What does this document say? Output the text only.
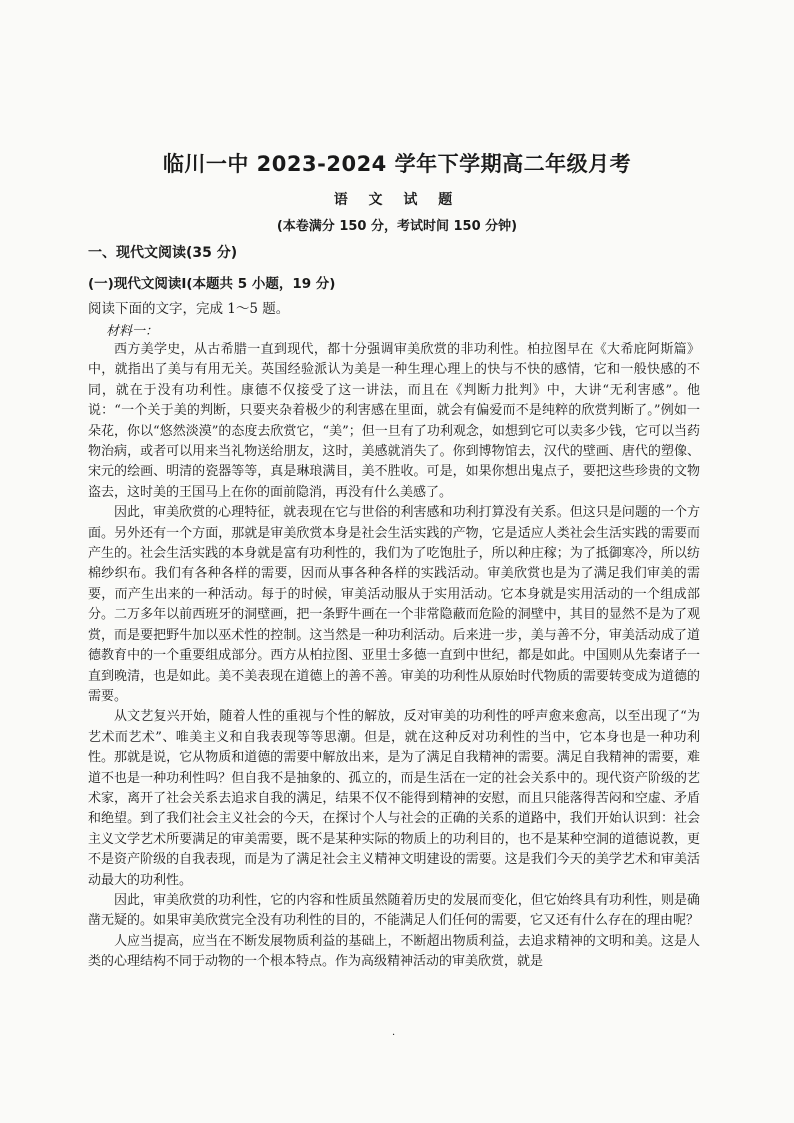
临川一中 2023-2024 学年下学期高二年级月考
语 文 试 题
(本卷满分 150 分，考试时间 150 分钟)
一、现代文阅读(35 分)
(一)现代文阅读Ⅰ(本题共 5 小题，19 分)
阅读下面的文字，完成 1～5 题。
材料一：

西方美学史，从古希腊一直到现代，都十分强调审美欣赏的非功利性。柏拉图早在《大希庇阿斯篇》中，就指出了美与有用无关。英国经验派认为美是一种生理心理上的快与不快的感情，它和一般快感的不同，就在于没有功利性。康德不仅接受了这一讲法，而且在《判断力批判》中，大讲“无利害感”。他说：“一个关于美的判断，只要夹杂着极少的利害感在里面，就会有偏爱而不是纯粹的欣赏判断了。”例如一朵花，你以“悠然淡漠”的态度去欣赏它，“美”；但一旦有了功利观念，如想到它可以卖多少钱，它可以当药物治病，或者可以用来当礼物送给朋友，这时，美感就消失了。你到博物馆去，汉代的壁画、唐代的塑像、宋元的绘画、明清的瓷器等等，真是琳琅满目，美不胜收。可是，如果你想出鬼点子，要把这些珍贵的文物盗去，这时美的王国马上在你的面前隐消，再没有什么美感了。

因此，审美欣赏的心理特征，就表现在它与世俗的利害感和功利打算没有关系。但这只是问题的一个方面。另外还有一个方面，那就是审美欣赏本身是社会生活实践的产物，它是适应人类社会生活实践的需要而产生的。社会生活实践的本身就是富有功利性的，我们为了吃饱肚子，所以种庄稼；为了抵御寒冷，所以纺棉纱织布。我们有各种各样的需要，因而从事各种各样的实践活动。审美欣赏也是为了满足我们审美的需要，而产生出来的一种活动。每于的时候，审美活动服从于实用活动。它本身就是实用活动的一个组成部分。二万多年以前西班牙的洞壁画，把一条野牛画在一个非常隐蔽而危险的洞壁中，其目的显然不是为了观赏，而是要把野牛加以巫术性的控制。这当然是一种功利活动。后来进一步，美与善不分，审美活动成了道德教育中的一个重要组成部分。西方从柏拉图、亚里士多德一直到中世纪，都是如此。中国则从先秦诸子一直到晚清，也是如此。美不美表现在道德上的善不善。审美的功利性从原始时代物质的需要转变成为道德的需要。

从文艺复兴开始，随着人性的重视与个性的解放，反对审美的功利性的呼声愈来愈高，以至出现了“为艺术而艺术”、唯美主义和自我表现等等思潮。但是，就在这种反对功利性的当中，它本身也是一种功利性。那就是说，它从物质和道德的需要中解放出来，是为了满足自我精神的需要。满足自我精神的需要，难道不也是一种功利性吗？但自我不是抽象的、孤立的，而是生活在一定的社会关系中的。现代资产阶级的艺术家，离开了社会关系去追求自我的满足，结果不仅不能得到精神的安慰，而且只能落得苦闷和空虚、矛盾和绝望。到了我们社会主义社会的今天，在探讨个人与社会的正确的关系的道路中，我们开始认识到：社会主义文学艺术所要满足的审美需要，既不是某种实际的物质上的功利目的，也不是某种空洞的道德说教，更不是资产阶级的自我表现，而是为了满足社会主义精神文明建设的需要。这是我们今天的美学艺术和审美活动最大的功利性。

因此，审美欣赏的功利性，它的内容和性质虽然随着历史的发展而变化，但它始终具有功利性，则是确凿无疑的。如果审美欣赏完全没有功利性的目的，不能满足人们任何的需要，它又还有什么存在的理由呢？

人应当提高，应当在不断发展物质利益的基础上，不断超出物质利益，去追求精神的文明和美。这是人类的心理结构不同于动物的一个根本特点。作为高级精神活动的审美欣赏，就是

·
